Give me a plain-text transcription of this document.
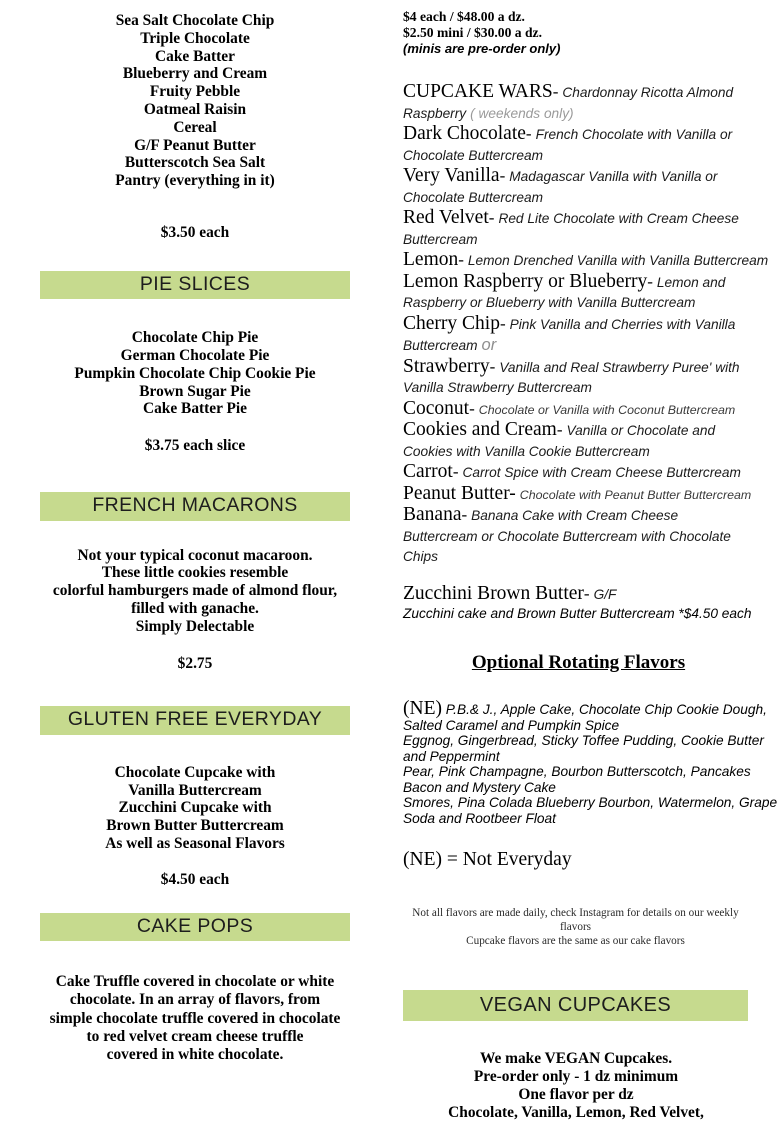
Sea Salt Chocolate Chip
Triple Chocolate
Cake Batter
Blueberry and Cream
Fruity Pebble
Oatmeal Raisin
Cereal
G/F Peanut Butter
Butterscotch Sea Salt
Pantry (everything in it)
$3.50 each
PIE SLICES
Chocolate Chip Pie
German Chocolate Pie
Pumpkin Chocolate Chip Cookie Pie
Brown Sugar Pie
Cake Batter Pie
$3.75 each slice
FRENCH MACARONS
Not your typical coconut macaroon.
These little cookies resemble
colorful hamburgers made of almond flour,
filled with ganache.
Simply Delectable
$2.75
GLUTEN FREE EVERYDAY
Chocolate Cupcake with
Vanilla Buttercream
Zucchini Cupcake with
Brown Butter Buttercream
As well as Seasonal Flavors
$4.50 each
CAKE POPS
Cake Truffle covered in chocolate or white
chocolate. In an array of flavors, from
simple chocolate truffle covered in chocolate
to red velvet cream cheese truffle
covered in white chocolate.
$4 each / $48.00 a dz.
$2.50 mini / $30.00 a dz.
(minis are pre-order only)
CUPCAKE WARS- Chardonnay Ricotta Almond Raspberry ( weekends only)
Dark Chocolate- French Chocolate with Vanilla or Chocolate Buttercream
Very Vanilla- Madagascar Vanilla with Vanilla or Chocolate Buttercream
Red Velvet- Red Lite Chocolate with Cream Cheese Buttercream
Lemon- Lemon Drenched Vanilla with Vanilla Buttercream
Lemon Raspberry or Blueberry- Lemon and Raspberry or Blueberry with Vanilla Buttercream
Cherry Chip- Pink Vanilla and Cherries with Vanilla Buttercream or
Strawberry- Vanilla and Real Strawberry Puree' with Vanilla Strawberry Buttercream
Coconut- Chocolate or Vanilla with Coconut Buttercream
Cookies and Cream- Vanilla or Chocolate and Cookies with Vanilla Cookie Buttercream
Carrot- Carrot Spice with Cream Cheese Buttercream
Peanut Butter- Chocolate with Peanut Butter Buttercream
Banana- Banana Cake with Cream Cheese Buttercream or Chocolate Buttercream with Chocolate Chips
Zucchini Brown Butter- G/F
Zucchini cake and Brown Butter Buttercream *$4.50 each
Optional Rotating Flavors
(NE) P.B.& J., Apple Cake, Chocolate Chip Cookie Dough,
Salted Caramel and Pumpkin Spice
Eggnog, Gingerbread, Sticky Toffee Pudding, Cookie Butter
and Peppermint
Pear, Pink Champagne, Bourbon Butterscotch, Pancakes
Bacon and Mystery Cake
Smores, Pina Colada Blueberry Bourbon, Watermelon, Grape
Soda and Rootbeer Float
(NE) = Not Everyday
Not all flavors are made daily, check Instagram for details on our weekly flavors
Cupcake flavors are the same as our cake flavors
VEGAN CUPCAKES
We make VEGAN Cupcakes.
Pre-order only - 1 dz minimum
One flavor per dz
Chocolate, Vanilla, Lemon, Red Velvet,
